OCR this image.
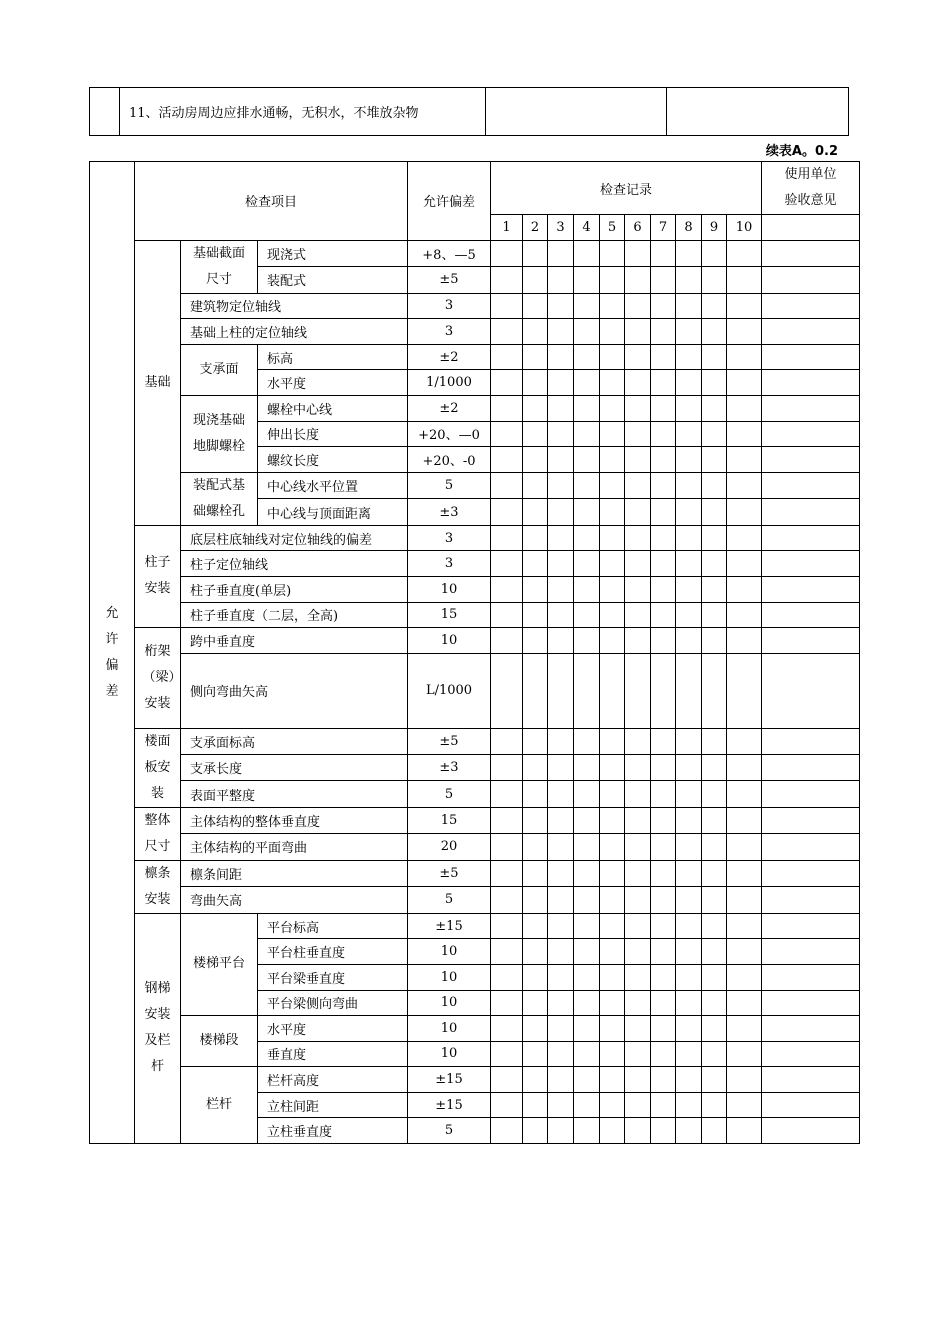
	11、活动房周边应排水通畅，无积水，不堆放杂物		
续表A。0.2
允许偏差	检查项目			允许偏差	检查记录										使用单位
验收意见

					1	2	3	4	5	6	7	8	9	10	
	基础	基础截面尺寸	现浇式	+8、—5											
			装配式	±5											
		建筑物定位轴线		3											
		基础上柱的定位轴线		3											
		支承面	标高	±2											
			水平度	1/1000											
		现浇基础地脚螺栓	螺栓中心线	±2											
			伸出长度	+20、—0											
			螺纹长度	+20、-0											
		装配式基础螺栓孔	中心线水平位置	5											
			中心线与顶面距离	±3											
	柱子安装	底层柱底轴线对定位轴线的偏差		3											
		柱子定位轴线		3											
		柱子垂直度(单层)		10											
		柱子垂直度（二层，全高)		15											
	桁架（梁）安装	跨中垂直度		10											
		侧向弯曲矢高		L/1000											
	楼面板安装	支承面标高		±5											
		支承长度		±3											
		表面平整度		5											
	整体尺寸	主体结构的整体垂直度		15											
		主体结构的平面弯曲		20											
	檩条安装	檩条间距		±5											
		弯曲矢高		5											
	钢梯安装及栏杆	楼梯平台	平台标高	±15											
			平台柱垂直度	10											
			平台梁垂直度	10											
			平台梁侧向弯曲	10											
		楼梯段	水平度	10											
			垂直度	10											
		栏杆	栏杆高度	±15											
			立柱间距	±15											
			立柱垂直度	5											
